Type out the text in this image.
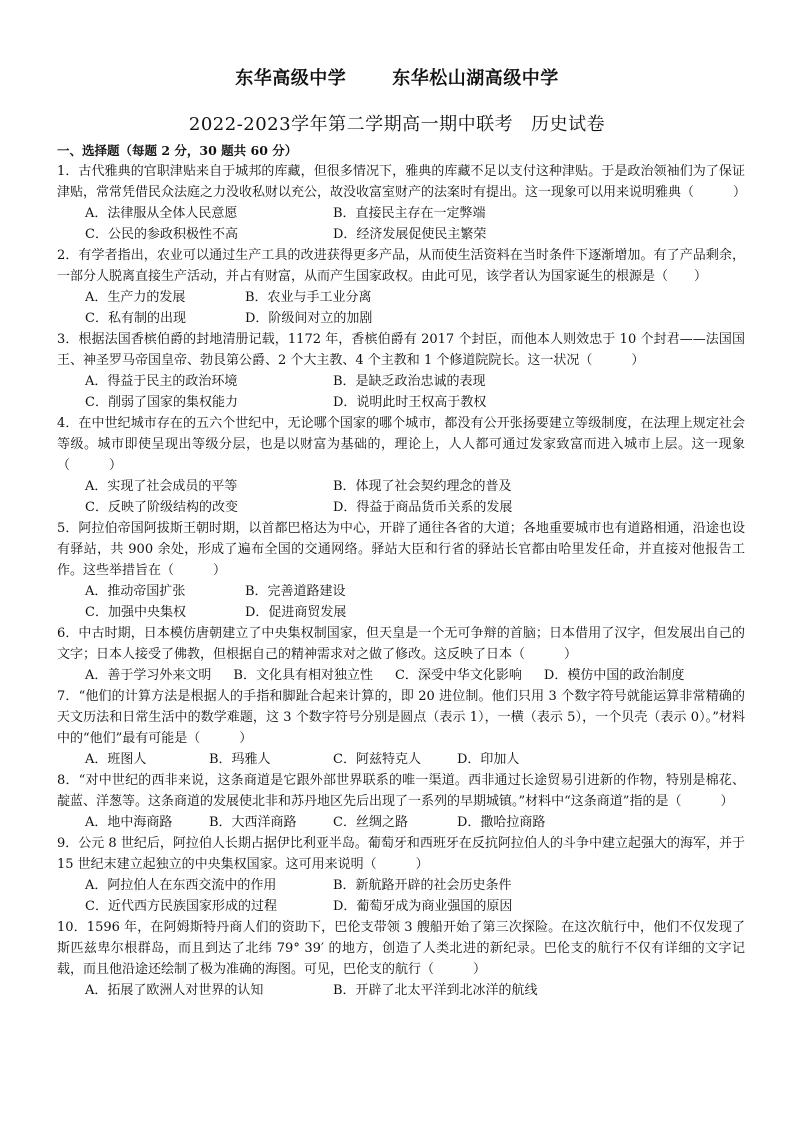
东华高级中学	东华松山湖高级中学
2022-2023学年第二学期高一期中联考 历史试卷
一、选择题（每题 2 分，30 题共 60 分）
1．古代雅典的官职津贴来自于城邦的库藏，但很多情况下，雅典的库藏不足以支付这种津贴。于是政治领袖们为了保证津贴，常常凭借民众法庭之力没收私财以充公，故没收富室财产的法案时有提出。这一现象可以用来说明雅典（　　　）
A．法律服从全体人民意愿	B．直接民主存在一定弊端
C．公民的参政积极性不高	D．经济发展促使民主繁荣
2．有学者指出，农业可以通过生产工具的改进获得更多产品，从而使生活资料在当时条件下逐渐增加。有了产品剩余，一部分人脱离直接生产活动，并占有财富，从而产生国家政权。由此可见，该学者认为国家诞生的根源是（　　）
A．生产力的发展	B．农业与手工业分离
C．私有制的出现	D．阶级间对立的加剧
3．根据法国香槟伯爵的封地清册记载，1172 年，香槟伯爵有 2017 个封臣，而他本人则效忠于 10 个封君——法国国王、神圣罗马帝国皇帝、勃艮第公爵、2 个大主教、4 个主教和 1 个修道院院长。这一状况（　　　）
A．得益于民主的政治环境	B．是缺乏政治忠诚的表现
C．削弱了国家的集权能力	D．说明此时王权高于教权
4．在中世纪城市存在的五六个世纪中，无论哪个国家的哪个城市，都没有公开张扬要建立等级制度，在法理上规定社会等级。城市即使呈现出等级分层，也是以财富为基础的，理论上，人人都可通过发家致富而进入城市上层。这一现象（　　　）
A．实现了社会成员的平等	B．体现了社会契约理念的普及
C．反映了阶级结构的改变	D．得益于商品货币关系的发展
5．阿拉伯帝国阿拔斯王朝时期，以首都巴格达为中心，开辟了通往各省的大道；各地重要城市也有道路相通，沿途也设有驿站，共 900 余处，形成了遍布全国的交通网络。驿站大臣和行省的驿站长官都由哈里发任命，并直接对他报告工作。这些举措旨在（　　　）
A．推动帝国扩张	B．完善道路建设
C．加强中央集权	D．促进商贸发展
6．中古时期，日本模仿唐朝建立了中央集权制国家，但天皇是一个无可争辩的首脑；日本借用了汉字，但发展出自己的文字；日本人接受了佛教，但根据自己的精神需求对之做了修改。这反映了日本（　　　）
A．善于学习外来文明 B．文化具有相对独立性 C．深受中华文化影响 D．模仿中国的政治制度
7．“他们的计算方法是根据人的手指和脚趾合起来计算的，即 20 进位制。他们只用 3 个数字符号就能运算非常精确的天文历法和日常生活中的数学难题，这 3 个数字符号分别是圆点（表示 1），一横（表示 5），一个贝壳（表示 0）。”材料中的“他们”最有可能是（　　　）
A．班图人	B．玛雅人	C．阿兹特克人	D．印加人
8．“对中世纪的西非来说，这条商道是它跟外部世界联系的唯一渠道。西非通过长途贸易引进新的作物，特别是棉花、靛蓝、洋葱等。这条商道的发展使北非和苏丹地区先后出现了一系列的早期城镇。”材料中“这条商道”指的是（　　　）
A．地中海商路	B．大西洋商路	C．丝绸之路	D．撒哈拉商路
9．公元 8 世纪后，阿拉伯人长期占据伊比利亚半岛。葡萄牙和西班牙在反抗阿拉伯人的斗争中建立起强大的海军，并于 15 世纪末建立起独立的中央集权国家。这可用来说明（　　　）
A．阿拉伯人在东西交流中的作用	B．新航路开辟的社会历史条件
C．近代西方民族国家形成的过程	D．葡萄牙成为商业强国的原因
10．1596 年，在阿姆斯特丹商人们的资助下，巴伦支带领 3 艘船开始了第三次探险。在这次航行中，他们不仅发现了斯匹兹卑尔根群岛，而且到达了北纬 79° 39′ 的地方，创造了人类北进的新纪录。巴伦支的航行不仅有详细的文字记载，而且他沿途还绘制了极为准确的海图。可见，巴伦支的航行（　　　）
A．拓展了欧洲人对世界的认知	B．开辟了北太平洋到北冰洋的航线
